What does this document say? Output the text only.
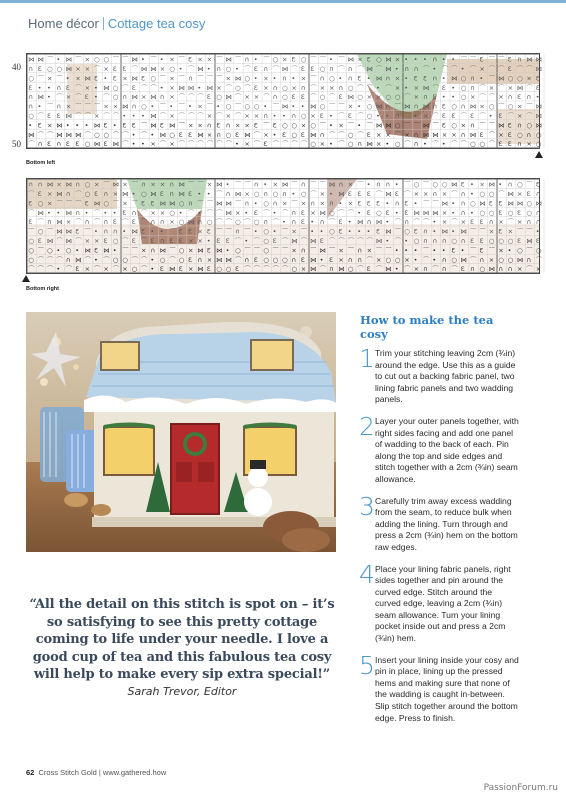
Home décor Cottage tea cosy
40
50
⋈ ⋈ ⌒ • ⋈ ⌒ × ○ ○ ⌒ ⌒ ⋈ • ⌒ • × ⌒ Ɛ × × ⌒ ⋈ ⌒ ∩ • ⌒ ○ × Ɛ ○ ⌒ ⌒ • ⌒ ⋈ × Ɛ ○ ⋈ × • • • ∩ • • ⌒ ⌒ Ɛ ⌒ ⌒ Ɛ ∩ ⋈ ⋈
∩ Ɛ ○ ○ ⋈ × × ⌒ × Ɛ Ɛ ⌒ ⋈ ⋈ × ○ • ⌒ ⋈ • ∩ ○ • ⌒ Ɛ ∩ ⌒ ⋈ ⌒ Ɛ Ɛ ○ ∩ ⌒ ∩ ⌒ ⋈ ⌒ ⋈ • ∩ ∩ ⌒ • ⌒ ⌒ • ⌒ × ⌒ ⌒ Ɛ ⌒ ⌒ ⋈
○ ⌒ × ⌒ • × ⋈ Ɛ • Ɛ × ⋈ Ɛ ○ ⌒ × ⌒ ∩ ⌒ ⌒ ⌒ × ⋈ ○ • × • ∩ • × ⌒ ∩ ○ • ∩ Ɛ • ⋈ ∩ × • Ɛ Ɛ ∩ • ⋈ ○ ∩ • ⌒ ⋈ ○ ○ × Ɛ
Ɛ • • ∩ Ɛ ⌒ × • ⋈ ○ ⌒ Ɛ ⌒ ⌒ • × ⋈ ⋈ • ⋈ × ⌒ ○ ⌒ Ɛ × ∩ ○ × ∩ ⌒ × × ∩ ○ ⌒ ⌒ • ⌒ × • × ⋈ ⌒ Ɛ • ○ ∩ ⌒ × ⌒ × ⋈ ⌒ Ɛ
∩ ⋈ • ⌒ × ⌒ Ɛ • ⌒ ○ ∩ ⋈ × ⋈ ∩ × ⌒ ⌒ ⌒ Ɛ ○ ⋈ ⌒ × × ⌒ ∩ ○ Ɛ Ɛ ⌒ ○ ⌒ Ɛ ⋈ ○ × × ○ ○ ⌒ × ∩ Ɛ • • ○ × ⌒ ⌒ × ∩ Ɛ ∩ •
∩ • ⌒ ∩ × ⌒ ⌒ ⌒ × × ⋈ ∩ ○ • ⌒ • ⌒ • × ⌒ • ○ ⌒ ○ ○ • ⌒ ⋈ • • ⋈ ○ ⌒ ⌒ × • ○ ⋈ ∩ ⌒ ⋈ ∩ ⋈ ∩ Ɛ ○ ∩ ⋈ × ○ ⌒ ○ × ⌒ ⋈
○ ⌒ Ɛ Ɛ ⋈ ⌒ ⌒ × ⌒ ⌒ • • • ⋈ ⌒ × ⌒ ⌒ ⌒ × ⌒ × ⌒ × × ∩ • • ∩ ○ × Ɛ • ⌒ Ɛ ⌒ ○ • • ∩ ⌒ • × ⌒ Ɛ Ɛ ⌒ Ɛ ⌒ • Ɛ ⌒ × ⌒ ⋈
• Ɛ × ⋈ • • • ⋈ Ɛ • Ɛ Ɛ ⌒ ⋈ Ɛ ⋈ ⌒ × × ∩ Ɛ ∩ × × Ɛ ⌒ Ɛ ○ ○ × ○ ⌒ • × ⌒ • ⌒ ⋈ ⋈ ○ ⌒ ⌒ ⋈ ⌒ Ɛ ○ × ∩ ⌒ ⌒ ⋈ Ɛ ∩ ○ ⋈
⋈ ⌒ ⌒ ⋈ ⋈ ⋈ ⌒ ○ ○ ⌒ ⌒ • ⌒ • ⋈ ○ Ɛ Ɛ ⋈ × ∩ ○ Ɛ ⋈ ⌒ × • Ɛ ○ Ɛ ⋈ ∩ ⌒ ⌒ ○ ⌒ Ɛ × × ⌒ × ∩ ⋈ ⋈ × × ∩ ⋈ Ɛ ⌒ × Ɛ ○ ∩ ○
⌒ ∩ Ɛ ∩ Ɛ Ɛ ○ ⋈ Ɛ ⋈ ⌒ • • × ⌒ × ⌒ ⌒ ⌒ ⌒ ⌒ ⌒ • × ⌒ Ɛ ⌒ ⌒ ⌒ ⌒ ○ × • ⌒ ○ ∩ ⋈ × • ○ ⌒ ∩ • ⌒ • ⌒ ⌒ ○ ○ ⌒ Ɛ Ɛ ∩ × ○
Bottom left
∩ ∩ ⋈ × ⋈ ∩ ○ × ⌒ ⋈ × ⌒ ∩ × × ∩ ⋈ ⌒ ⌒ × ⋈ • ⌒ ⌒ ∩ • × ⋈ ⌒ ∩ ⌒ ⌒ ⋈ ∩ × ⌒ • ∩ ∩ • ⌒ ○ ⌒ ○ ○ ⋈ Ɛ • × ⋈ • ∩ ○ ⌒ Ɛ
⌒ Ɛ × ⋈ ∩ ⌒ ○ Ɛ ∩ × ⋈ • ○ ⋈ Ɛ ∩ ⋈ Ɛ • • ⌒ ∩ ⋈ × ○ ∩ ○ ∩ • ○ ⌒ × • ⋈ Ɛ Ɛ Ɛ ⌒ ⋈ Ɛ ⌒ × × ∩ × ⌒ ∩ • ○ ○ ⌒ ⋈ × Ɛ ∩
Ɛ ○ × ⌒ ⌒ ⌒ Ɛ ⋈ ○ ⌒ × ⌒ Ɛ Ɛ ⋈ ⋈ ○ ∩ ⌒ ⌒ ⋈ ⋈ ⌒ ∩ • ○ ∩ × ⌒ × ∩ × ∩ • × Ɛ Ɛ Ɛ • ∩ Ɛ • ⌒ ⌒ ⋈ • ∩ ○ ⋈ Ɛ Ɛ ⋈ ⋈ ○ ⋈
⌒ ⋈ • • ⋈ ∩ • ⌒ • • Ɛ ∩ ⌒ × × ○ • ⌒ • ⌒ ⌒ ⋈ × • Ɛ ⌒ • ⌒ ∩ Ɛ × ⋈ ○ ⌒ ⌒ • Ɛ ○ Ɛ • Ɛ ⋈ ⋈ ⋈ × • ∩ • ○ ○ Ɛ ○ Ɛ ○ ∩
Ɛ ⌒ ∩ ⋈ × ⌒ ∩ ⌒ ∩ Ɛ ⌒ Ɛ ⌒ ∩ ∩ × ○ ⋈ ∩ ○ ⌒ ⌒ ○ ⌒ ○ ∩ ⌒ • ∩ Ɛ • ∩ ⌒ Ɛ • ⋈ ∩ ⋈ • ⌒ ∩ ⌒ ⌒ • × ⌒ × Ɛ Ɛ ∩ × ⌒ × ∩ ∩
⌒ ○ ⌒ ⋈ ⋈ Ɛ ⌒ • ∩ ∩ • ⋈ Ɛ • • ⌒ Ɛ Ɛ × Ɛ ⌒ ⌒ ∩ ⌒ • ○ • ⌒ × ⌒ • • ○ Ɛ • • • Ɛ ⋈ ⌒ ○ Ɛ ∩ • ⋈ • ⋈ ⌒ ⌒ × Ɛ × ⌒ ⌒ •
○ Ɛ ⋈ ⌒ ⋈ ⌒ × × Ɛ ○ ⌒ Ɛ ⌒ Ɛ ∩ Ɛ Ɛ × × • Ɛ Ɛ ⌒ • ⌒ ○ Ɛ ⌒ ⋈ ⌒ ⋈ Ɛ ⌒ ⌒ ⌒ ⌒ ⌒ ⋈ • ⌒ • ○ ∩ ∩ ∩ ○ ∩ Ɛ Ɛ ○ ○ ○ Ɛ ⋈ Ɛ
○ ⌒ ○ • ○ • ⋈ Ɛ ⋈ • ⌒ ⌒ × ∩ ⋈ ⌒ ○ × ⋈ Ɛ ⋈ • ○ ⌒ ⌒ ○ ⌒ ⌒ × ∩ ⌒ ⋈ ⌒ × ⌒ ∩ × ⌒ ⌒ • • • ⌒ • • Ɛ • ⌒ Ɛ ⌒ × • ○ ⌒ ○
○ ⌒ ⌒ ⌒ ∩ ⋈ ⌒ • ⌒ ○ ○ ⌒ ⌒ • ○ ⌒ ○ Ɛ ∩ × ⋈ ⋈ ⌒ ∩ Ɛ ○ ○ ○ ∩ Ɛ ⋈ • Ɛ × ∩ ∩ ⌒ × ○ ○ × • ⌒ • ∩ ○ ⋈ ⌒ ∩ × ○ ○ ⋈ ∩ ⌒
⌒ ⌒ ⌒ • ⌒ Ɛ × ⌒ × ⌒ × ○ ⌒ • Ɛ ⋈ Ɛ × ⋈ Ɛ ○ ○ Ɛ ⌒ ⌒ ⌒ ⌒ ⌒ ○ × ⋈ ⌒ ∩ ⋈ ○ ⌒ Ɛ ⌒ ⋈ • ⌒ × ∩ ⌒ ∩ ⌒ Ɛ ∩ ○ ⋈ ∩ ∩ × ⌒ ×
Bottom right

“All the detail on this stitch is spot on – it’s so satisfying to see this pretty cottage coming to life under your needle. I love a good cup of tea and this fabulous tea cosy will help to make every sip extra special!”

Sarah Trevor, Editor

How to make the tea cosy
1 Trim your stitching leaving 2cm (¾in) around the edge. Use this as a guide to cut out a backing fabric panel, two lining fabric panels and two wadding panels.

2 Layer your outer panels together, with right sides facing and add one panel of wadding to the back of each. Pin along the top and side edges and stitch together with a 2cm (¾in) seam allowance.

3 Carefully trim away excess wadding from the seam, to reduce bulk when adding the lining. Turn through and press a 2cm (¾in) hem on the bottom raw edges.

4 Place your lining fabric panels, right sides together and pin around the curved edge. Stitch around the curved edge, leaving a 2cm (¾in) seam allowance. Turn your lining pocket inside out and press a 2cm (¾in) hem.

5 Insert your lining inside your cosy and pin in place, lining up the pressed hems and making sure that none of the wadding is caught in-between. Slip stitch together around the bottom edge. Press to finish.

62 Cross Stitch Gold | www.gathered.how
PassionForum.ru
